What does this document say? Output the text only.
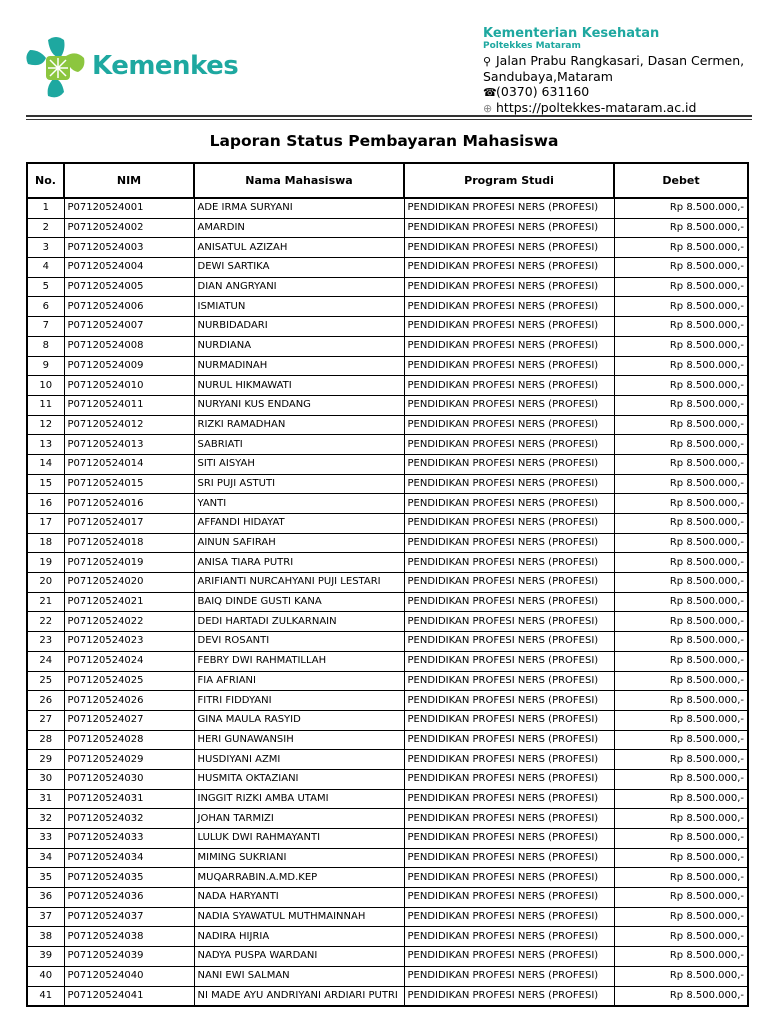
Kemenkes
Kementerian Kesehatan
Poltekkes Mataram
⚲ Jalan Prabu Rangkasari, Dasan Cermen,
Sandubaya,Mataram
☎(0370) 631160
⊕ https://poltekkes-mataram.ac.id
Laporan Status Pembayaran Mahasiswa
No.	NIM	Nama Mahasiswa	Program Studi	Debet
1	P07120524001	ADE IRMA SURYANI	PENDIDIKAN PROFESI NERS (PROFESI)	Rp 8.500.000,-
2	P07120524002	AMARDIN	PENDIDIKAN PROFESI NERS (PROFESI)	Rp 8.500.000,-
3	P07120524003	ANISATUL AZIZAH	PENDIDIKAN PROFESI NERS (PROFESI)	Rp 8.500.000,-
4	P07120524004	DEWI SARTIKA	PENDIDIKAN PROFESI NERS (PROFESI)	Rp 8.500.000,-
5	P07120524005	DIAN ANGRYANI	PENDIDIKAN PROFESI NERS (PROFESI)	Rp 8.500.000,-
6	P07120524006	ISMIATUN	PENDIDIKAN PROFESI NERS (PROFESI)	Rp 8.500.000,-
7	P07120524007	NURBIDADARI	PENDIDIKAN PROFESI NERS (PROFESI)	Rp 8.500.000,-
8	P07120524008	NURDIANA	PENDIDIKAN PROFESI NERS (PROFESI)	Rp 8.500.000,-
9	P07120524009	NURMADINAH	PENDIDIKAN PROFESI NERS (PROFESI)	Rp 8.500.000,-
10	P07120524010	NURUL HIKMAWATI	PENDIDIKAN PROFESI NERS (PROFESI)	Rp 8.500.000,-
11	P07120524011	NURYANI KUS ENDANG	PENDIDIKAN PROFESI NERS (PROFESI)	Rp 8.500.000,-
12	P07120524012	RIZKI RAMADHAN	PENDIDIKAN PROFESI NERS (PROFESI)	Rp 8.500.000,-
13	P07120524013	SABRIATI	PENDIDIKAN PROFESI NERS (PROFESI)	Rp 8.500.000,-
14	P07120524014	SITI AISYAH	PENDIDIKAN PROFESI NERS (PROFESI)	Rp 8.500.000,-
15	P07120524015	SRI PUJI ASTUTI	PENDIDIKAN PROFESI NERS (PROFESI)	Rp 8.500.000,-
16	P07120524016	YANTI	PENDIDIKAN PROFESI NERS (PROFESI)	Rp 8.500.000,-
17	P07120524017	AFFANDI HIDAYAT	PENDIDIKAN PROFESI NERS (PROFESI)	Rp 8.500.000,-
18	P07120524018	AINUN SAFIRAH	PENDIDIKAN PROFESI NERS (PROFESI)	Rp 8.500.000,-
19	P07120524019	ANISA TIARA PUTRI	PENDIDIKAN PROFESI NERS (PROFESI)	Rp 8.500.000,-
20	P07120524020	ARIFIANTI NURCAHYANI PUJI LESTARI	PENDIDIKAN PROFESI NERS (PROFESI)	Rp 8.500.000,-
21	P07120524021	BAIQ DINDE GUSTI KANA	PENDIDIKAN PROFESI NERS (PROFESI)	Rp 8.500.000,-
22	P07120524022	DEDI HARTADI ZULKARNAIN	PENDIDIKAN PROFESI NERS (PROFESI)	Rp 8.500.000,-
23	P07120524023	DEVI ROSANTI	PENDIDIKAN PROFESI NERS (PROFESI)	Rp 8.500.000,-
24	P07120524024	FEBRY DWI RAHMATILLAH	PENDIDIKAN PROFESI NERS (PROFESI)	Rp 8.500.000,-
25	P07120524025	FIA AFRIANI	PENDIDIKAN PROFESI NERS (PROFESI)	Rp 8.500.000,-
26	P07120524026	FITRI FIDDYANI	PENDIDIKAN PROFESI NERS (PROFESI)	Rp 8.500.000,-
27	P07120524027	GINA MAULA RASYID	PENDIDIKAN PROFESI NERS (PROFESI)	Rp 8.500.000,-
28	P07120524028	HERI GUNAWANSIH	PENDIDIKAN PROFESI NERS (PROFESI)	Rp 8.500.000,-
29	P07120524029	HUSDIYANI AZMI	PENDIDIKAN PROFESI NERS (PROFESI)	Rp 8.500.000,-
30	P07120524030	HUSMITA OKTAZIANI	PENDIDIKAN PROFESI NERS (PROFESI)	Rp 8.500.000,-
31	P07120524031	INGGIT RIZKI AMBA UTAMI	PENDIDIKAN PROFESI NERS (PROFESI)	Rp 8.500.000,-
32	P07120524032	JOHAN TARMIZI	PENDIDIKAN PROFESI NERS (PROFESI)	Rp 8.500.000,-
33	P07120524033	LULUK DWI RAHMAYANTI	PENDIDIKAN PROFESI NERS (PROFESI)	Rp 8.500.000,-
34	P07120524034	MIMING SUKRIANI	PENDIDIKAN PROFESI NERS (PROFESI)	Rp 8.500.000,-
35	P07120524035	MUQARRABIN.A.MD.KEP	PENDIDIKAN PROFESI NERS (PROFESI)	Rp 8.500.000,-
36	P07120524036	NADA HARYANTI	PENDIDIKAN PROFESI NERS (PROFESI)	Rp 8.500.000,-
37	P07120524037	NADIA SYAWATUL MUTHMAINNAH	PENDIDIKAN PROFESI NERS (PROFESI)	Rp 8.500.000,-
38	P07120524038	NADIRA HIJRIA	PENDIDIKAN PROFESI NERS (PROFESI)	Rp 8.500.000,-
39	P07120524039	NADYA PUSPA WARDANI	PENDIDIKAN PROFESI NERS (PROFESI)	Rp 8.500.000,-
40	P07120524040	NANI EWI SALMAN	PENDIDIKAN PROFESI NERS (PROFESI)	Rp 8.500.000,-
41	P07120524041	NI MADE AYU ANDRIYANI ARDIARI PUTRI	PENDIDIKAN PROFESI NERS (PROFESI)	Rp 8.500.000,-
